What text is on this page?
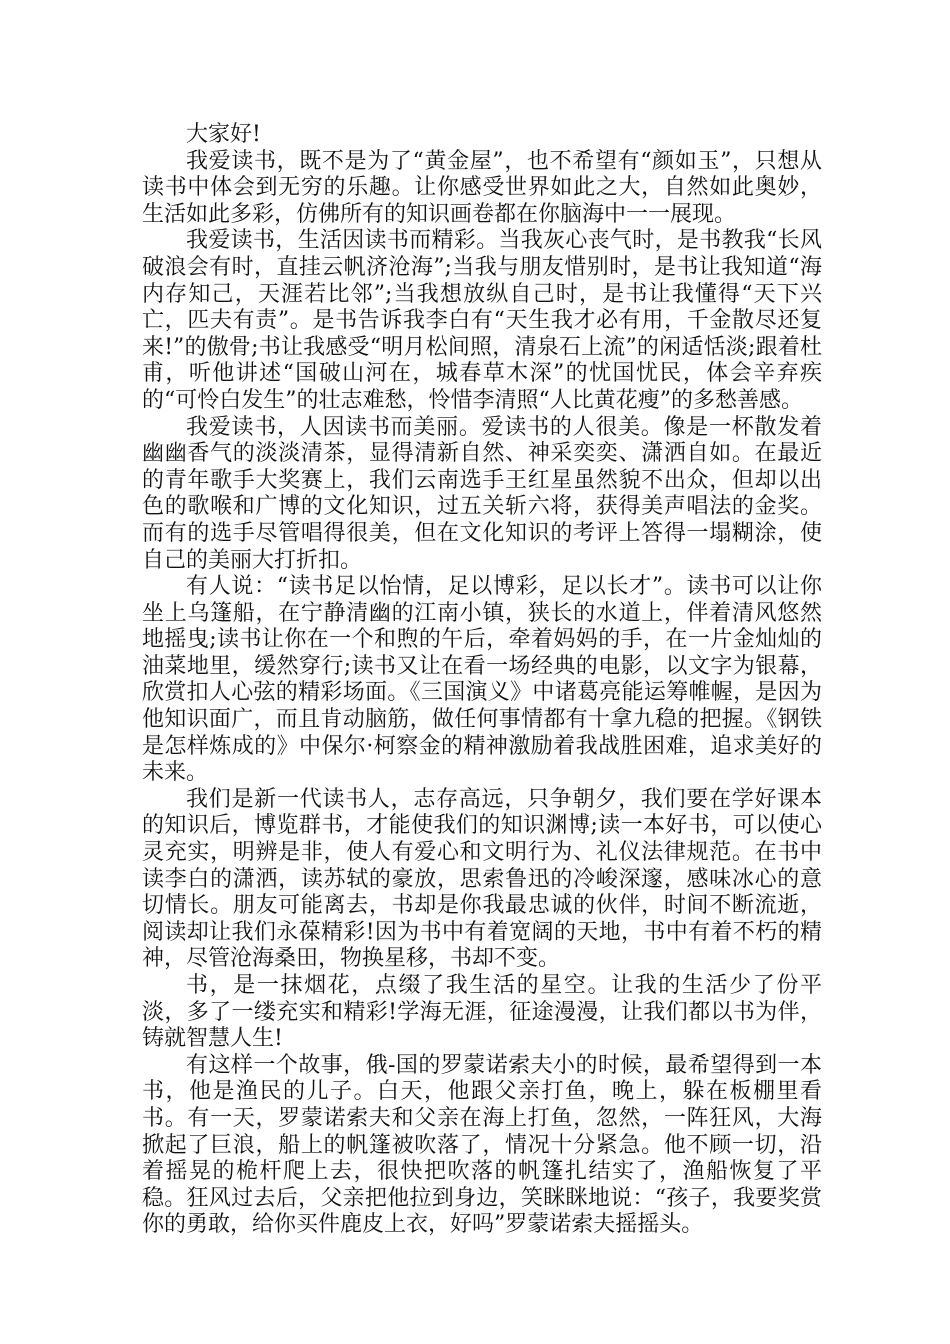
大家好!

我爱读书，既不是为了“黄金屋”，也不希望有“颜如玉”，只想从读书中体会到无穷的乐趣。让你感受世界如此之大，自然如此奥妙，生活如此多彩，仿佛所有的知识画卷都在你脑海中一一展现。

我爱读书，生活因读书而精彩。当我灰心丧气时，是书教我“长风破浪会有时，直挂云帆济沧海”;当我与朋友惜别时，是书让我知道“海内存知己，天涯若比邻”;当我想放纵自己时，是书让我懂得“天下兴亡，匹夫有责”。是书告诉我李白有“天生我才必有用，千金散尽还复来!”的傲骨;书让我感受“明月松间照，清泉石上流”的闲适恬淡;跟着杜甫，听他讲述“国破山河在，城春草木深”的忧国忧民，体会辛弃疾的“可怜白发生”的壮志难愁，怜惜李清照“人比黄花瘦”的多愁善感。

我爱读书，人因读书而美丽。爱读书的人很美。像是一杯散发着幽幽香气的淡淡清茶，显得清新自然、神采奕奕、潇洒自如。在最近的青年歌手大奖赛上，我们云南选手王红星虽然貌不出众，但却以出色的歌喉和广博的文化知识，过五关斩六将，获得美声唱法的金奖。而有的选手尽管唱得很美，但在文化知识的考评上答得一塌糊涂，使自己的美丽大打折扣。

有人说：“读书足以怡情，足以博彩，足以长才”。读书可以让你坐上乌篷船，在宁静清幽的江南小镇，狭长的水道上，伴着清风悠然地摇曳;读书让你在一个和煦的午后，牵着妈妈的手，在一片金灿灿的油菜地里，缓然穿行;读书又让在看一场经典的电影，以文字为银幕，欣赏扣人心弦的精彩场面。《三国演义》中诸葛亮能运筹帷幄，是因为他知识面广，而且肯动脑筋，做任何事情都有十拿九稳的把握。《钢铁是怎样炼成的》中保尔·柯察金的精神激励着我战胜困难，追求美好的未来。

我们是新一代读书人，志存高远，只争朝夕，我们要在学好课本的知识后，博览群书，才能使我们的知识渊博;读一本好书，可以使心灵充实，明辨是非，使人有爱心和文明行为、礼仪法律规范。在书中读李白的潇洒，读苏轼的豪放，思索鲁迅的冷峻深邃，感味冰心的意切情长。朋友可能离去，书却是你我最忠诚的伙伴，时间不断流逝，阅读却让我们永葆精彩!因为书中有着宽阔的天地，书中有着不朽的精神，尽管沧海桑田，物换星移，书却不变。

书，是一抹烟花，点缀了我生活的星空。让我的生活少了份平淡，多了一缕充实和精彩!学海无涯，征途漫漫，让我们都以书为伴，铸就智慧人生!

有这样一个故事，俄-国的罗蒙诺索夫小的时候，最希望得到一本书，他是渔民的儿子。白天，他跟父亲打鱼，晚上，躲在板棚里看书。有一天，罗蒙诺索夫和父亲在海上打鱼，忽然，一阵狂风，大海掀起了巨浪，船上的帆篷被吹落了，情况十分紧急。他不顾一切，沿着摇晃的桅杆爬上去，很快把吹落的帆篷扎结实了，渔船恢复了平稳。狂风过去后，父亲把他拉到身边，笑眯眯地说：“孩子，我要奖赏你的勇敢，给你买件鹿皮上衣，好吗”罗蒙诺索夫摇摇头。
